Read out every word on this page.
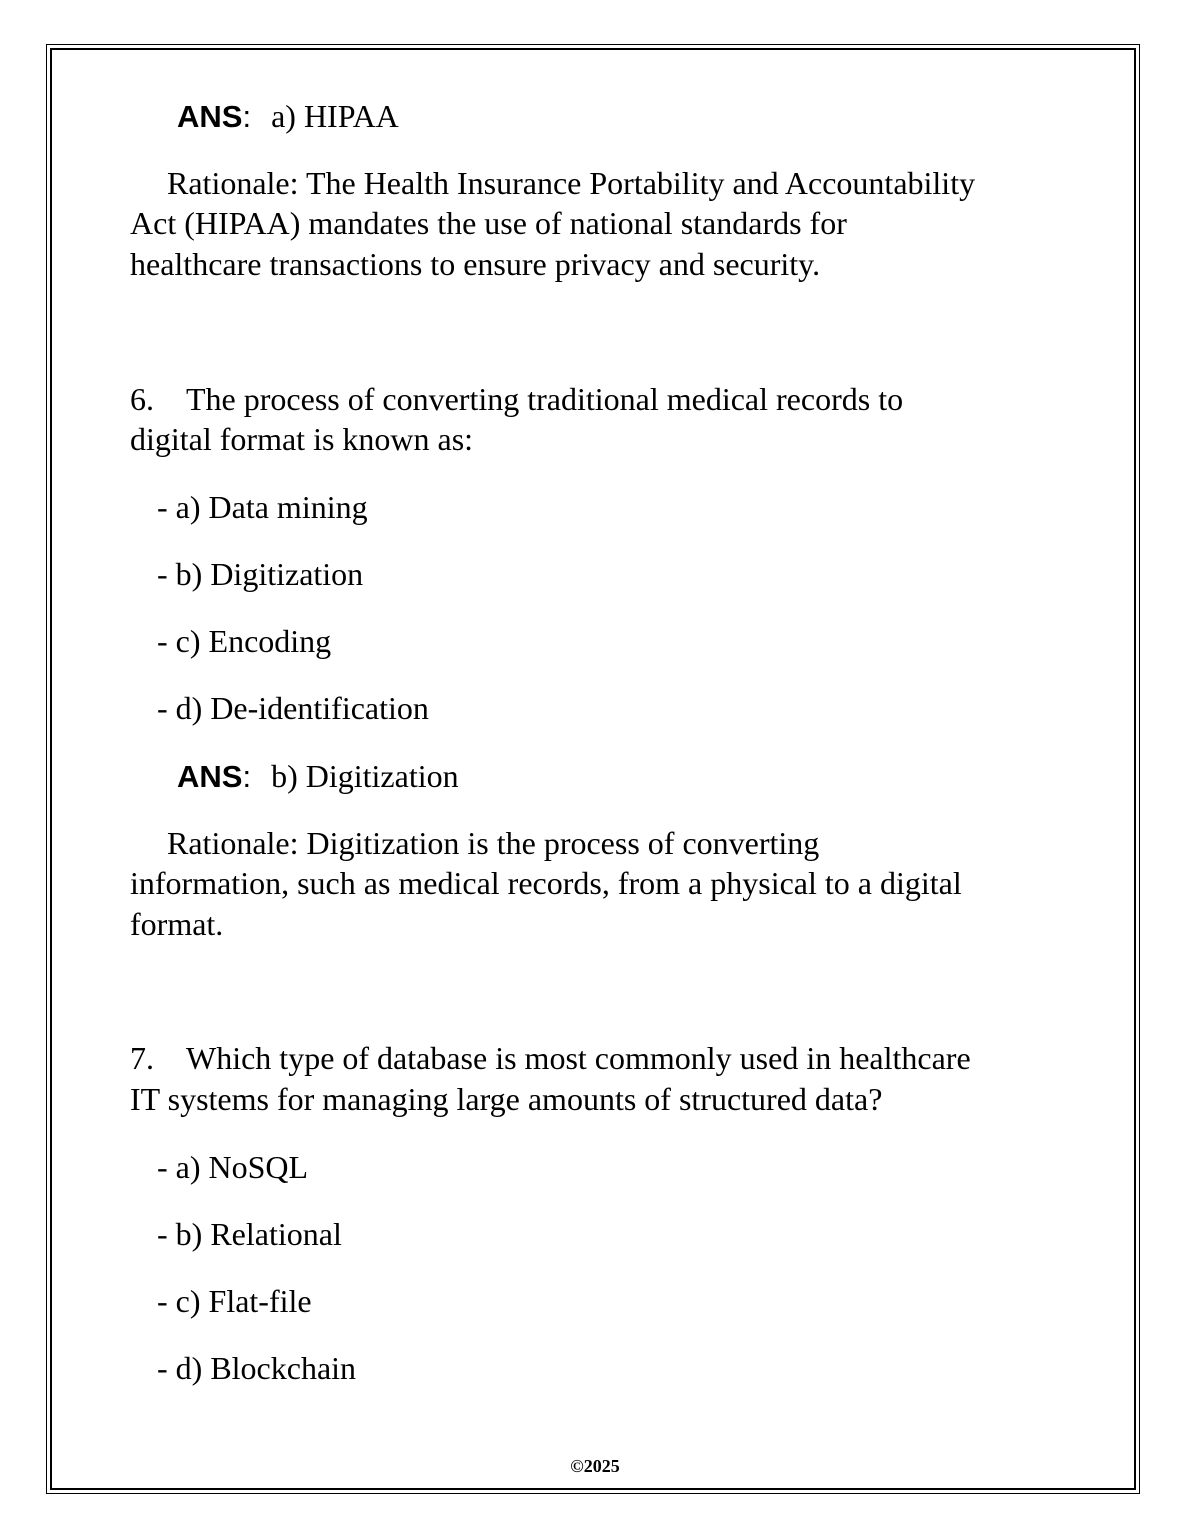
ANS: a) HIPAA

Rationale: The Health Insurance Portability and Accountability

Act (HIPAA) mandates the use of national standards for

healthcare transactions to ensure privacy and security.

6. The process of converting traditional medical records to

digital format is known as:

- a) Data mining

- b) Digitization

- c) Encoding

- d) De-identification

ANS: b) Digitization

Rationale: Digitization is the process of converting

information, such as medical records, from a physical to a digital

format.

7. Which type of database is most commonly used in healthcare

IT systems for managing large amounts of structured data?

- a) NoSQL

- b) Relational

- c) Flat-file

- d) Blockchain

©2025
